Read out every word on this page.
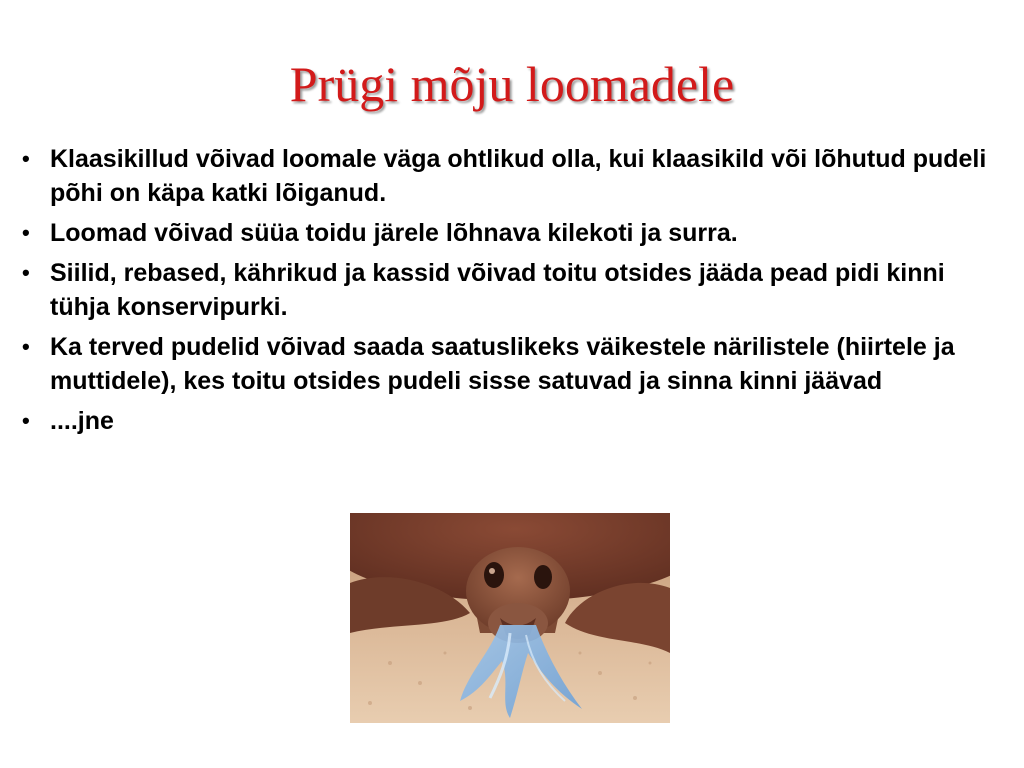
Prügi mõju loomadele
• Klaasikillud võivad loomale väga ohtlikud olla, kui klaasikild või lõhutud pudeli põhi on käpa katki lõiganud.
• Loomad võivad süüa toidu järele lõhnava kilekoti ja surra.
• Siilid, rebased, kährikud ja kassid võivad toitu otsides jääda pead pidi kinni tühja konservipurki.
• Ka terved pudelid võivad saada saatuslikeks väikestele närilistele (hiirtele ja muttidele), kes toitu otsides pudeli sisse satuvad ja sinna kinni jäävad
• ....jne
